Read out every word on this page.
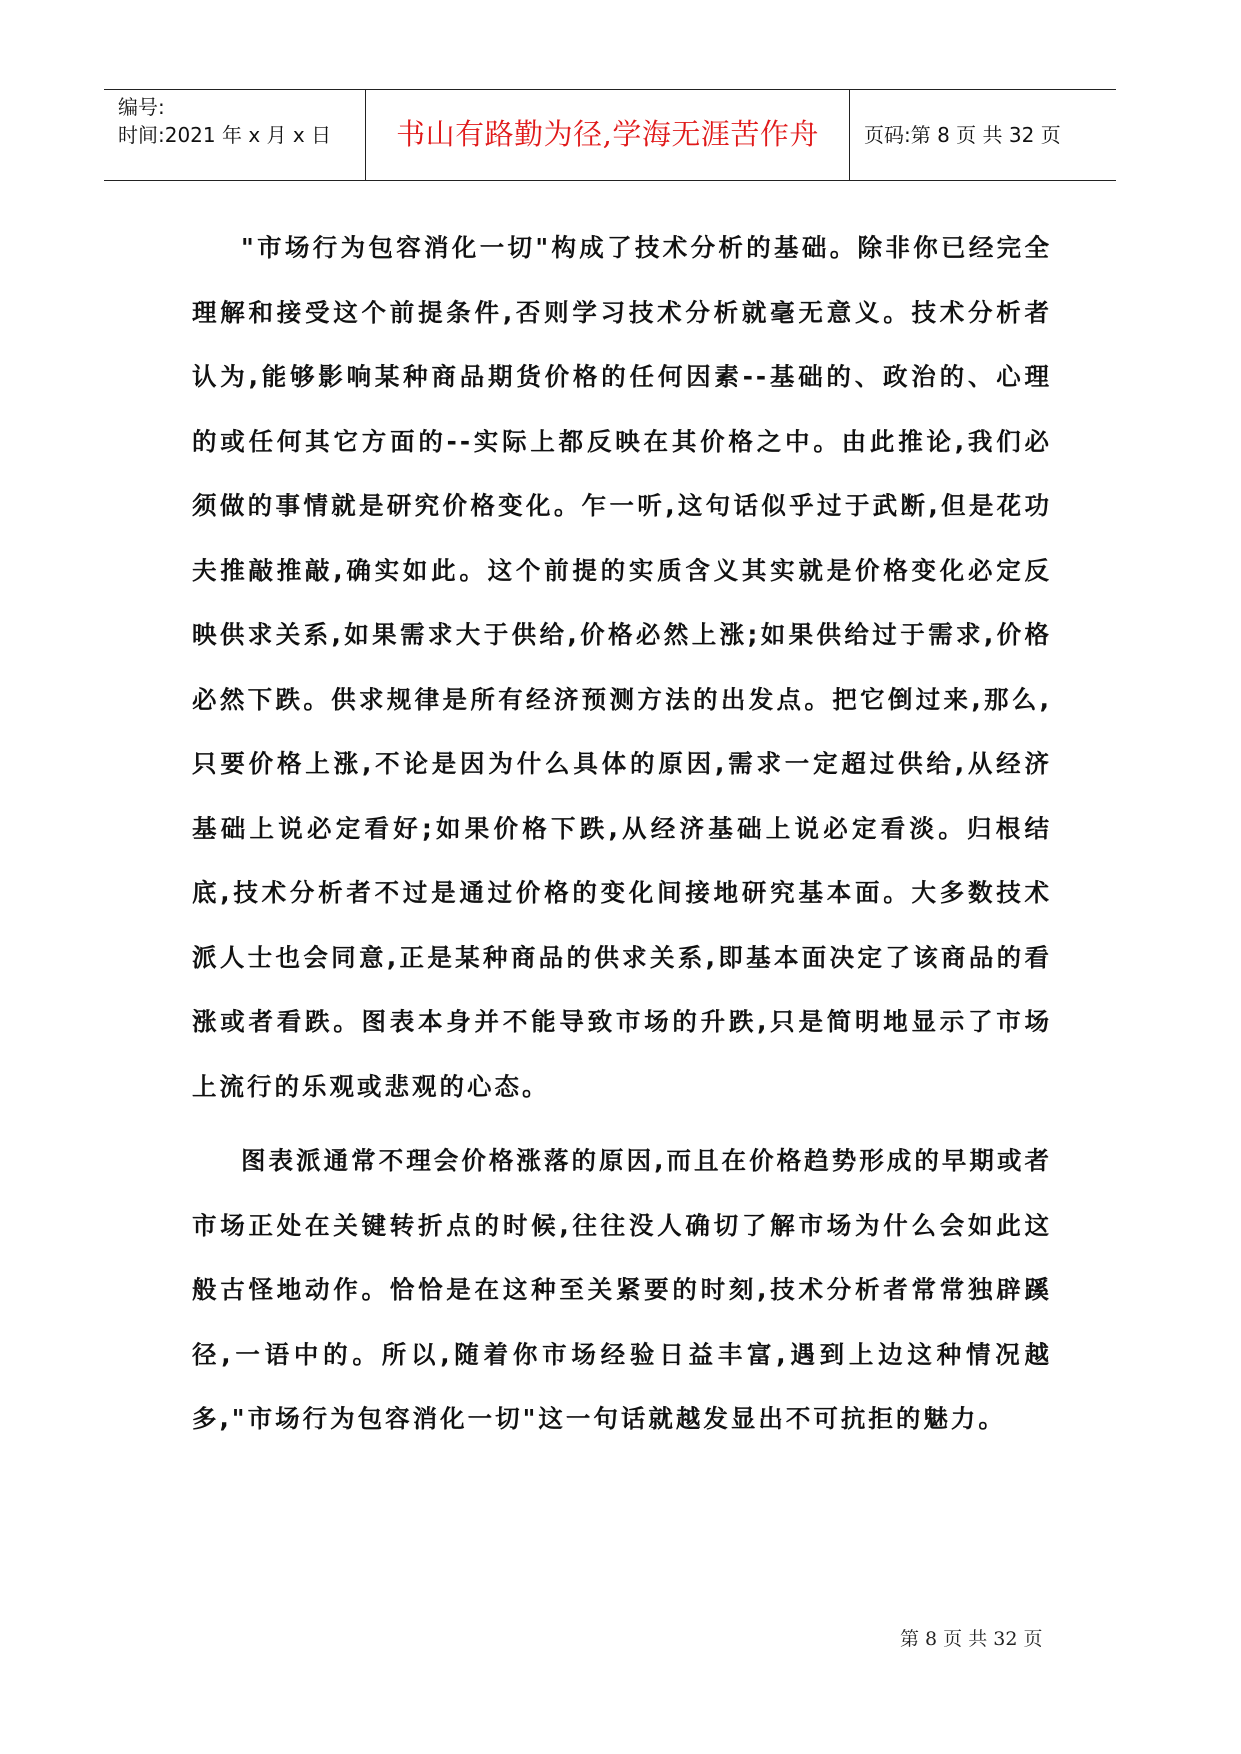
编号:
时间:2021 年 x 月 x 日	书山有路勤为径,学海无涯苦作舟	页码:第 8 页 共 32 页

"市场行为包容消化一切"构成了技术分析的基础。除非你已经完全理解和接受这个前提条件,否则学习技术分析就毫无意义。技术分析者认为,能够影响某种商品期货价格的任何因素--基础的、政治的、心理的或任何其它方面的--实际上都反映在其价格之中。由此推论,我们必须做的事情就是研究价格变化。乍一听,这句话似乎过于武断,但是花功夫推敲推敲,确实如此。这个前提的实质含义其实就是价格变化必定反映供求关系,如果需求大于供给,价格必然上涨;如果供给过于需求,价格必然下跌。供求规律是所有经济预测方法的出发点。把它倒过来,那么,只要价格上涨,不论是因为什么具体的原因,需求一定超过供给,从经济基础上说必定看好;如果价格下跌,从经济基础上说必定看淡。归根结底,技术分析者不过是通过价格的变化间接地研究基本面。大多数技术派人士也会同意,正是某种商品的供求关系,即基本面决定了该商品的看涨或者看跌。图表本身并不能导致市场的升跌,只是简明地显示了市场上流行的乐观或悲观的心态。

图表派通常不理会价格涨落的原因,而且在价格趋势形成的早期或者市场正处在关键转折点的时候,往往没人确切了解市场为什么会如此这般古怪地动作。恰恰是在这种至关紧要的时刻,技术分析者常常独辟蹊径,一语中的。所以,随着你市场经验日益丰富,遇到上边这种情况越多,"市场行为包容消化一切"这一句话就越发显出不可抗拒的魅力。

第 8 页 共 32 页
